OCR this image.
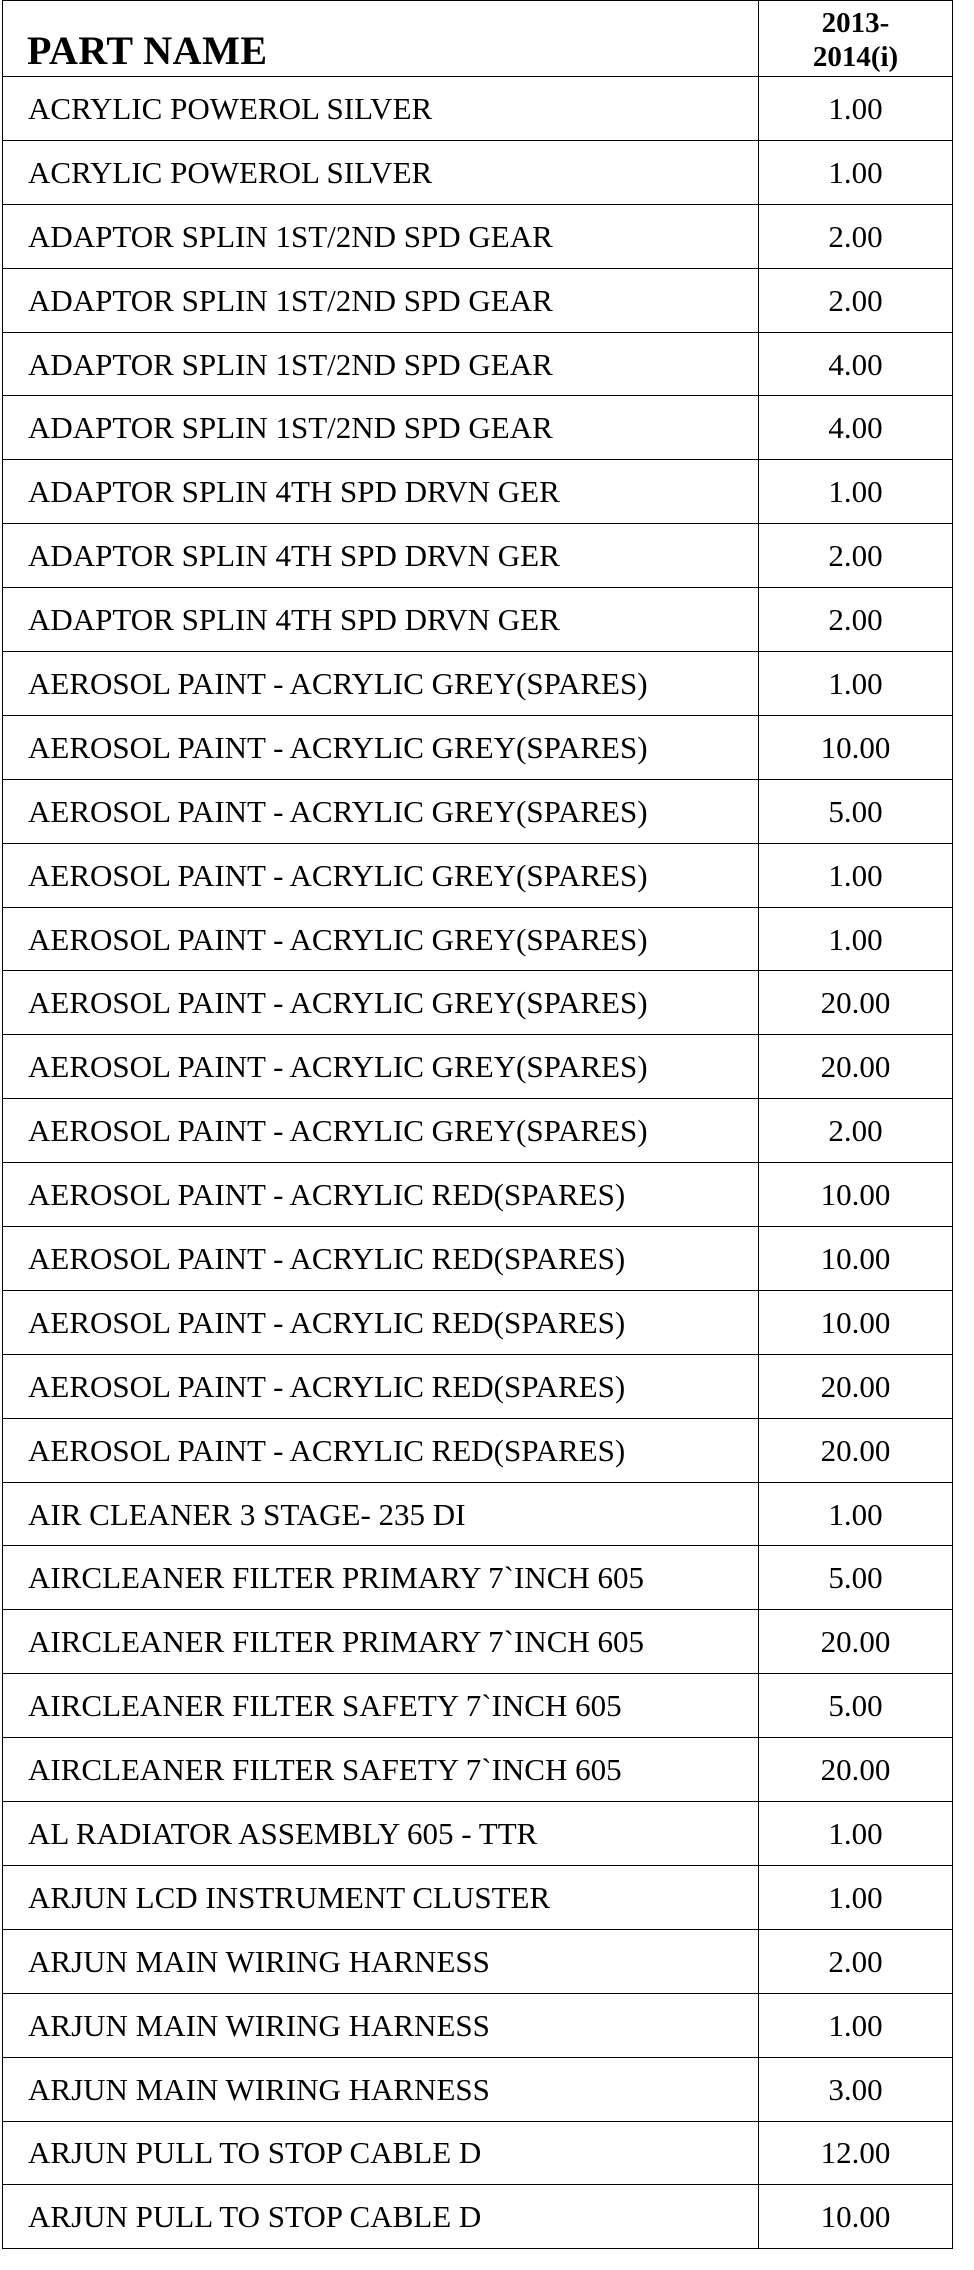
PART NAME	2013-
2014(i)
ACRYLIC POWEROL SILVER	1.00
ACRYLIC POWEROL SILVER	1.00
ADAPTOR SPLIN 1ST/2ND SPD GEAR	2.00
ADAPTOR SPLIN 1ST/2ND SPD GEAR	2.00
ADAPTOR SPLIN 1ST/2ND SPD GEAR	4.00
ADAPTOR SPLIN 1ST/2ND SPD GEAR	4.00
ADAPTOR SPLIN 4TH SPD DRVN GER	1.00
ADAPTOR SPLIN 4TH SPD DRVN GER	2.00
ADAPTOR SPLIN 4TH SPD DRVN GER	2.00
AEROSOL PAINT - ACRYLIC GREY(SPARES)	1.00
AEROSOL PAINT - ACRYLIC GREY(SPARES)	10.00
AEROSOL PAINT - ACRYLIC GREY(SPARES)	5.00
AEROSOL PAINT - ACRYLIC GREY(SPARES)	1.00
AEROSOL PAINT - ACRYLIC GREY(SPARES)	1.00
AEROSOL PAINT - ACRYLIC GREY(SPARES)	20.00
AEROSOL PAINT - ACRYLIC GREY(SPARES)	20.00
AEROSOL PAINT - ACRYLIC GREY(SPARES)	2.00
AEROSOL PAINT - ACRYLIC RED(SPARES)	10.00
AEROSOL PAINT - ACRYLIC RED(SPARES)	10.00
AEROSOL PAINT - ACRYLIC RED(SPARES)	10.00
AEROSOL PAINT - ACRYLIC RED(SPARES)	20.00
AEROSOL PAINT - ACRYLIC RED(SPARES)	20.00
AIR CLEANER 3 STAGE- 235 DI	1.00
AIRCLEANER FILTER PRIMARY 7`INCH 605	5.00
AIRCLEANER FILTER PRIMARY 7`INCH 605	20.00
AIRCLEANER FILTER SAFETY 7`INCH 605	5.00
AIRCLEANER FILTER SAFETY 7`INCH 605	20.00
AL RADIATOR ASSEMBLY 605 - TTR	1.00
ARJUN LCD INSTRUMENT CLUSTER	1.00
ARJUN MAIN WIRING HARNESS	2.00
ARJUN MAIN WIRING HARNESS	1.00
ARJUN MAIN WIRING HARNESS	3.00
ARJUN PULL TO STOP CABLE D	12.00
ARJUN PULL TO STOP CABLE D	10.00
